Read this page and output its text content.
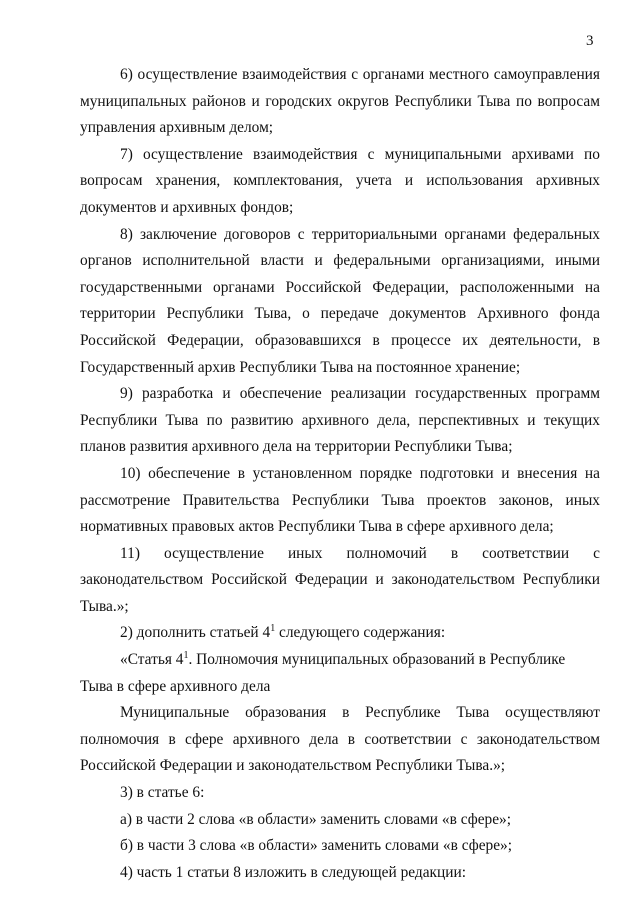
3

6) осуществление взаимодействия с органами местного самоуправления муниципальных районов и городских округов Республики Тыва по вопросам управления архивным делом;

7) осуществление взаимодействия с муниципальными архивами по вопросам хранения, комплектования, учета и использования архивных документов и архивных фондов;

8) заключение договоров с территориальными органами федеральных органов исполнительной власти и федеральными организациями, иными государственными органами Российской Федерации, расположенными на территории Республики Тыва, о передаче документов Архивного фонда Российской Федерации, образовавшихся в процессе их деятельности, в Государственный архив Республики Тыва на постоянное хранение;

9) разработка и обеспечение реализации государственных программ Республики Тыва по развитию архивного дела, перспективных и текущих планов развития архивного дела на территории Республики Тыва;

10) обеспечение в установленном порядке подготовки и внесения на рассмотрение Правительства Республики Тыва проектов законов, иных нормативных правовых актов Республики Тыва в сфере архивного дела;

11) осуществление иных полномочий в соответствии с законодательством Российской Федерации и законодательством Республики Тыва.»;

2) дополнить статьей $4^1$ следующего содержания:

«Статья $4^1$. Полномочия муниципальных образований в Республике Тыва в сфере архивного дела

Муниципальные образования в Республике Тыва осуществляют полномочия в сфере архивного дела в соответствии с законодательством Российской Федерации и законодательством Республики Тыва.»;

3) в статье 6:

а) в части 2 слова «в области» заменить словами «в сфере»;

б) в части 3 слова «в области» заменить словами «в сфере»;

4) часть 1 статьи 8 изложить в следующей редакции:
